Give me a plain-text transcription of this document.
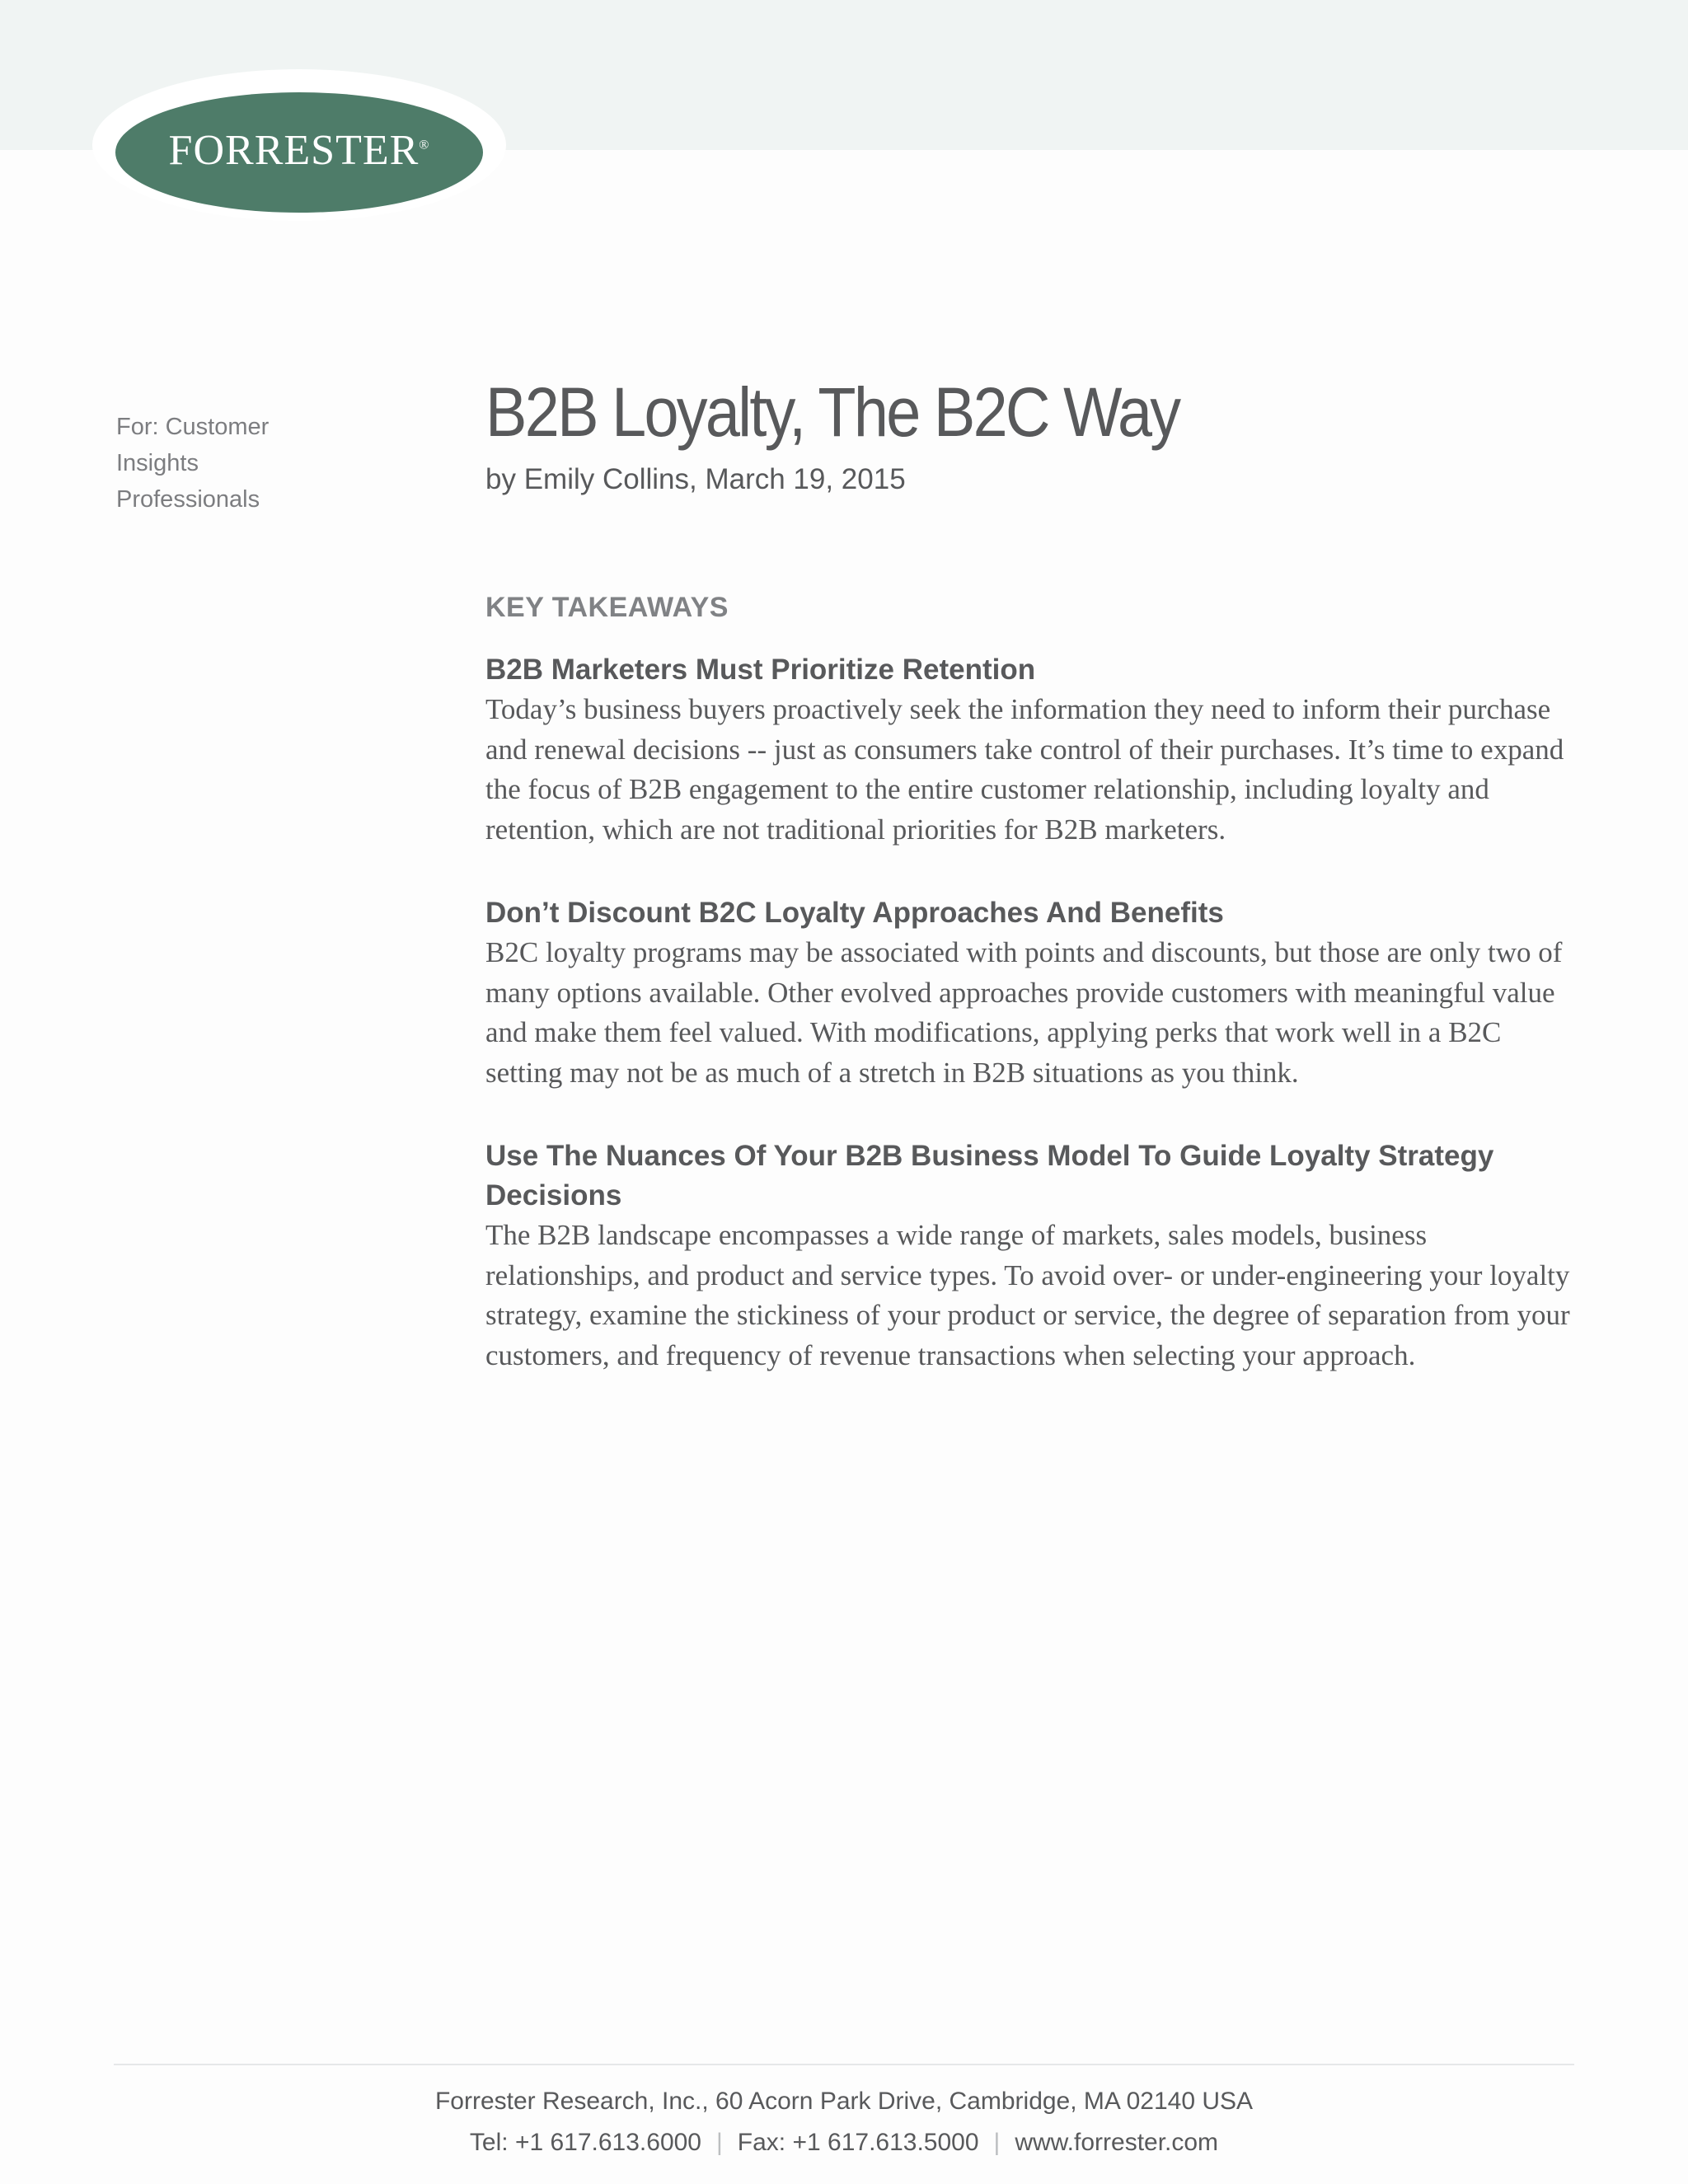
FORRESTER®
For: Customer Insights Professionals
B2B Loyalty, The B2C Way
by Emily Collins, March 19, 2015
KEY TAKEAWAYS
B2B Marketers Must Prioritize Retention
Today’s business buyers proactively seek the information they need to inform their purchase and renewal decisions -- just as consumers take control of their purchases. It’s time to expand the focus of B2B engagement to the entire customer relationship, including loyalty and retention, which are not traditional priorities for B2B marketers.
Don’t Discount B2C Loyalty Approaches And Benefits
B2C loyalty programs may be associated with points and discounts, but those are only two of many options available. Other evolved approaches provide customers with meaningful value and make them feel valued. With modifications, applying perks that work well in a B2C setting may not be as much of a stretch in B2B situations as you think.
Use The Nuances Of Your B2B Business Model To Guide Loyalty Strategy Decisions
The B2B landscape encompasses a wide range of markets, sales models, business relationships, and product and service types. To avoid over- or under-engineering your loyalty strategy, examine the stickiness of your product or service, the degree of separation from your customers, and frequency of revenue transactions when selecting your approach.
Forrester Research, Inc., 60 Acorn Park Drive, Cambridge, MA 02140 USA
Tel: +1 617.613.6000 | Fax: +1 617.613.5000 | www.forrester.com
